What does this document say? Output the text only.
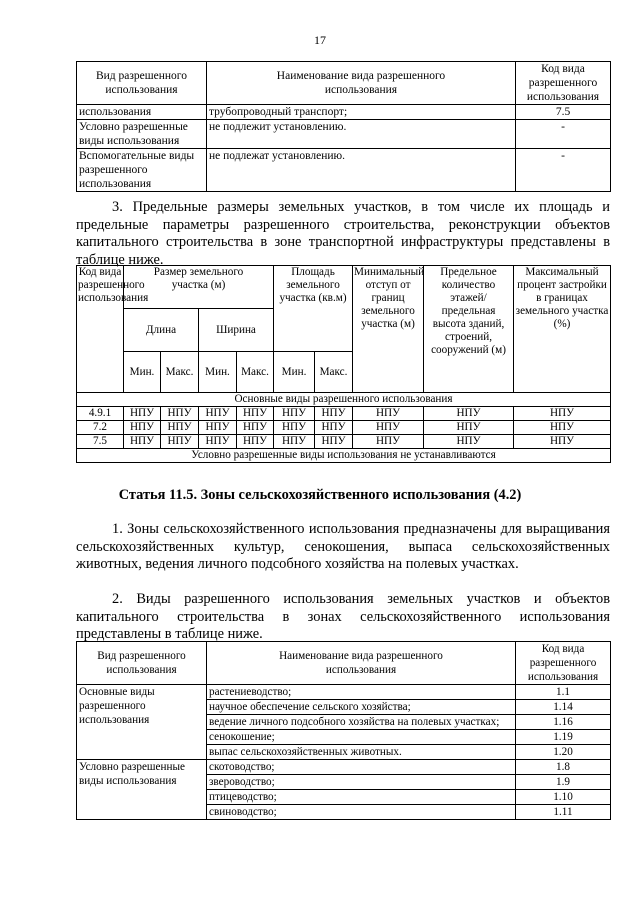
17
Вид разрешенного использования	Наименование вида разрешенного использования	Код вида разрешенного использования
использования	трубопроводный транспорт;	7.5
Условно разрешенные виды использования	не подлежит установлению.	-
Вспомогательные виды разрешенного использования	не подлежат установлению.	-

3. Предельные размеры земельных участков, в том числе их площадь и предельные параметры разрешенного строительства, реконструкции объектов капитального строительства в зоне транспортной инфраструктуры представлены в таблице ниже.

Код вида разрешенного использования	Размер земельного участка (м)				Площадь земельного участка (кв.м)		Минимальный отступ от границ земельного участка (м)	Предельное количество этажей/ предельная высота зданий, строений, сооружений (м)	Максимальный процент застройки в границах земельного участка (%)
	Длина		Ширина						
	Мин.	Макс.	Мин.	Макс.	Мин.	Макс.			
Основные виды разрешенного использования									
4.9.1	НПУ	НПУ	НПУ	НПУ	НПУ	НПУ	НПУ	НПУ	НПУ
7.2	НПУ	НПУ	НПУ	НПУ	НПУ	НПУ	НПУ	НПУ	НПУ
7.5	НПУ	НПУ	НПУ	НПУ	НПУ	НПУ	НПУ	НПУ	НПУ
Условно разрешенные виды использования не устанавливаются									
Статья 11.5. Зоны сельскохозяйственного использования (4.2)

1. Зоны сельскохозяйственного использования предназначены для выращивания сельскохозяйственных культур, сенокошения, выпаса сельскохозяйственных животных, ведения личного подсобного хозяйства на полевых участках.

2. Виды разрешенного использования земельных участков и объектов капитального строительства в зонах сельскохозяйственного использования представлены в таблице ниже.

Вид разрешенного использования	Наименование вида разрешенного использования	Код вида разрешенного использования
Основные виды разрешенного использования	растениеводство;	1.1
	научное обеспечение сельского хозяйства;	1.14
	ведение личного подсобного хозяйства на полевых участках;	1.16
	сенокошение;	1.19
	выпас сельскохозяйственных животных.	1.20
Условно разрешенные виды использования	скотоводство;	1.8
	звероводство;	1.9
	птицеводство;	1.10
	свиноводство;	1.11
